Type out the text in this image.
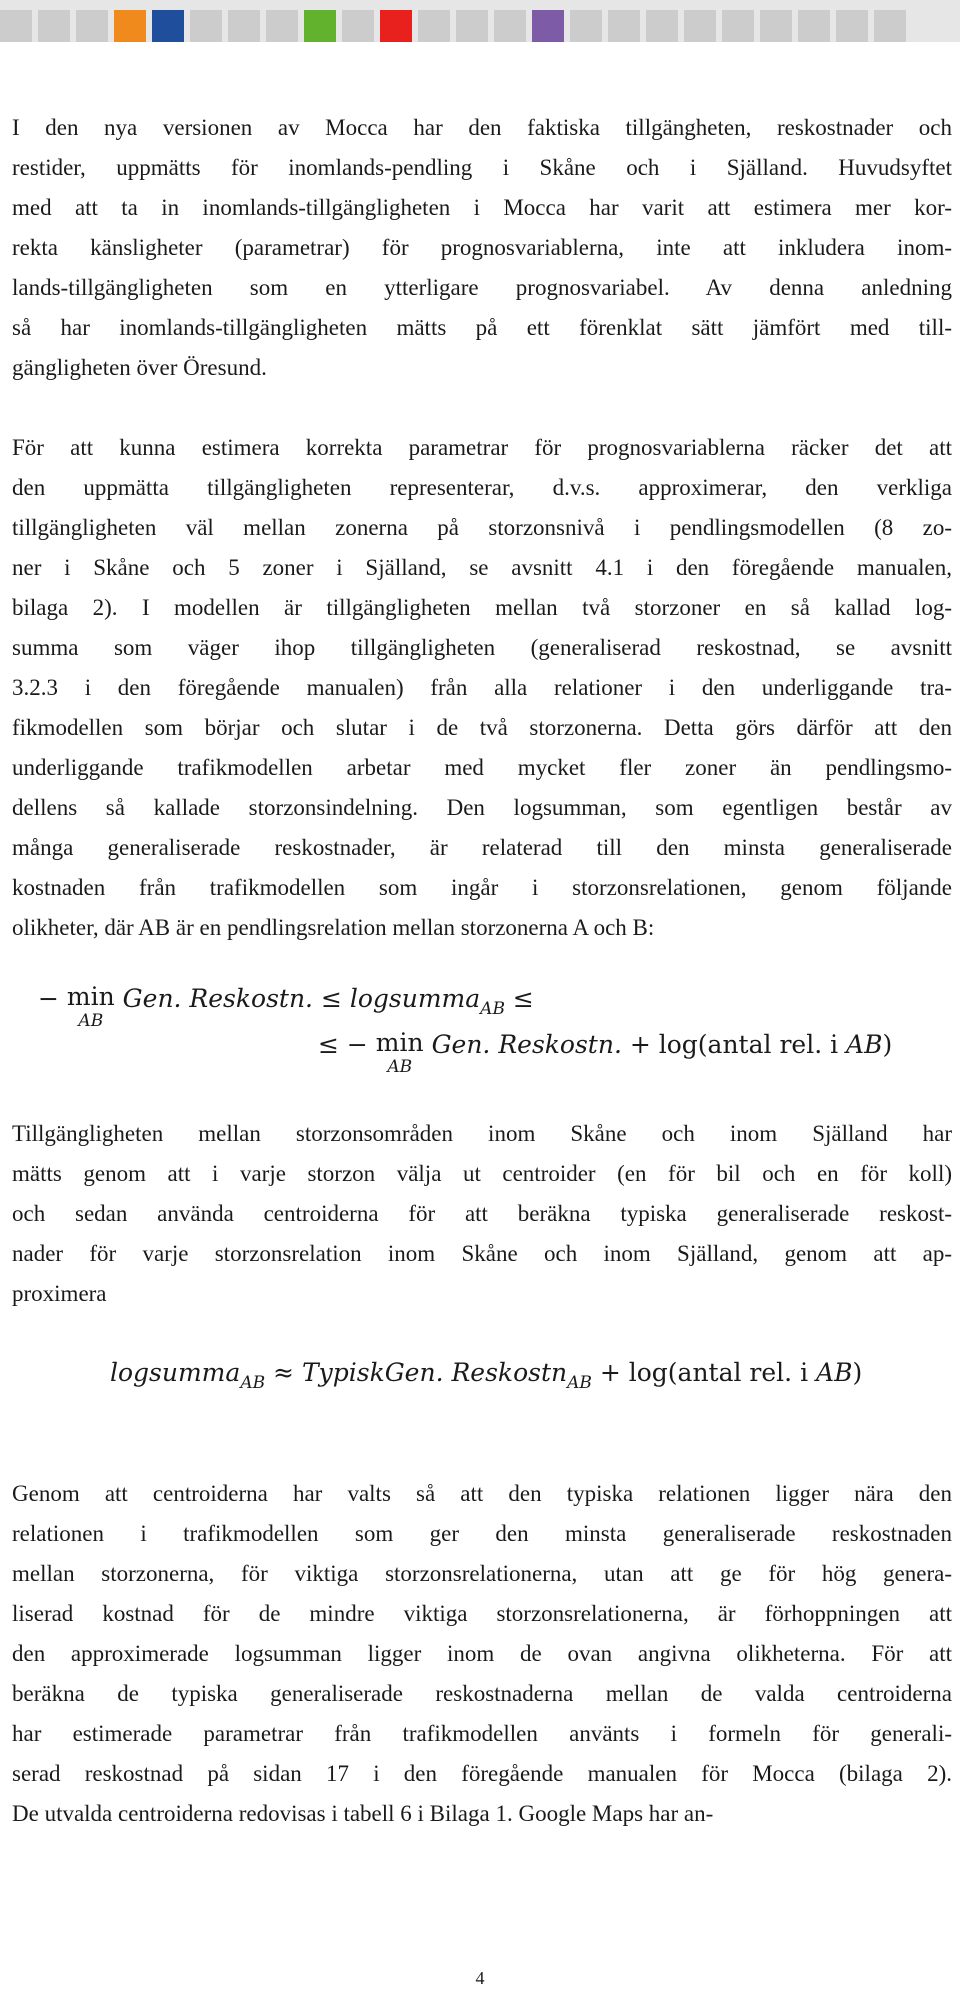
I den nya versionen av Mocca har den faktiska tillgängheten, reskostnader och
restider, uppmätts för inomlands-pendling i Skåne och i Själland. Huvudsyftet
med att ta in inomlands-tillgängligheten i Mocca har varit att estimera mer kor-
rekta känsligheter (parametrar) för prognosvariablerna, inte att inkludera inom-
lands-tillgängligheten som en ytterligare prognosvariabel. Av denna anledning
så har inomlands-tillgängligheten mätts på ett förenklat sätt jämfört med till-
gängligheten över Öresund.
För att kunna estimera korrekta parametrar för prognosvariablerna räcker det att
den uppmätta tillgängligheten representerar, d.v.s. approximerar, den verkliga
tillgängligheten väl mellan zonerna på storzonsnivå i pendlingsmodellen (8 zo-
ner i Skåne och 5 zoner i Själland, se avsnitt 4.1 i den föregående manualen,
bilaga 2). I modellen är tillgängligheten mellan två storzoner en så kallad log-
summa som väger ihop tillgängligheten (generaliserad reskostnad, se avsnitt
3.2.3 i den föregående manualen) från alla relationer i den underliggande tra-
fikmodellen som börjar och slutar i de två storzonerna. Detta görs därför att den
underliggande trafikmodellen arbetar med mycket fler zoner än pendlingsmo-
dellens så kallade storzonsindelning. Den logsumman, som egentligen består av
många generaliserade reskostnader, är relaterad till den minsta generaliserade
kostnaden från trafikmodellen som ingår i storzonsrelationen, genom följande
olikheter, där AB är en pendlingsrelation mellan storzonerna A och B:
− min
AB
Gen. Reskostn. ≤ logsumma$_{AB}$ ≤
≤ − min
AB
Gen. Reskostn. + log(antal rel. i AB)
Tillgängligheten mellan storzonsområden inom Skåne och inom Själland har
mätts genom att i varje storzon välja ut centroider (en för bil och en för koll)
och sedan använda centroiderna för att beräkna typiska generaliserade reskost-
nader för varje storzonsrelation inom Skåne och inom Själland, genom att ap-
proximera
logsumma$_{AB}$ ≈ TypiskGen. Reskostn$_{AB}$ + log(antal rel. i AB)
Genom att centroiderna har valts så att den typiska relationen ligger nära den
relationen i trafikmodellen som ger den minsta generaliserade reskostnaden
mellan storzonerna, för viktiga storzonsrelationerna, utan att ge för hög genera-
liserad kostnad för de mindre viktiga storzonsrelationerna, är förhoppningen att
den approximerade logsumman ligger inom de ovan angivna olikheterna. För att
beräkna de typiska generaliserade reskostnaderna mellan de valda centroiderna
har estimerade parametrar från trafikmodellen använts i formeln för generali-
serad reskostnad på sidan 17 i den föregående manualen för Mocca (bilaga 2).
De utvalda centroiderna redovisas i tabell 6 i Bilaga 1. Google Maps har an-
4
